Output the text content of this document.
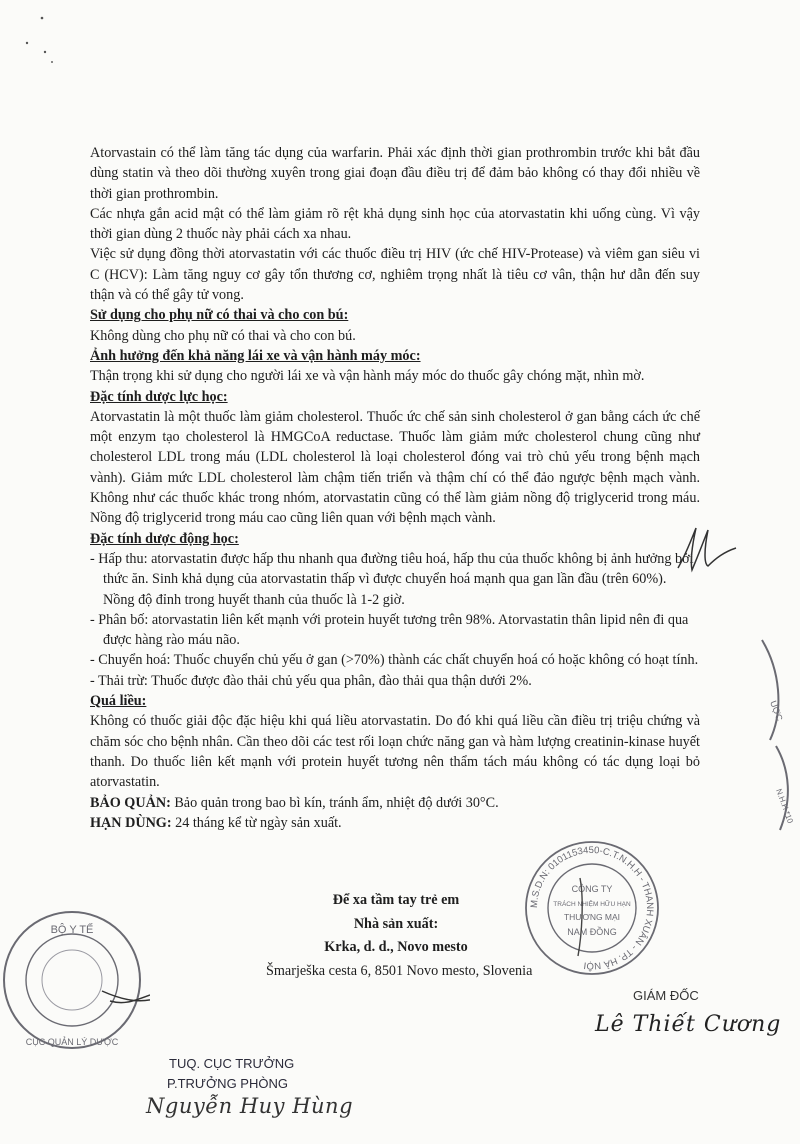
Atorvastain có thể làm tăng tác dụng của warfarin. Phải xác định thời gian prothrombin trước khi bắt đầu dùng statin và theo dõi thường xuyên trong giai đoạn đầu điều trị để đảm bảo không có thay đổi nhiều về thời gian prothrombin.

Các nhựa gắn acid mật có thể làm giảm rõ rệt khả dụng sinh học của atorvastatin khi uống cùng. Vì vậy thời gian dùng 2 thuốc này phải cách xa nhau.

Việc sử dụng đồng thời atorvastatin với các thuốc điều trị HIV (ức chế HIV-Protease) và viêm gan siêu vi C (HCV): Làm tăng nguy cơ gây tổn thương cơ, nghiêm trọng nhất là tiêu cơ vân, thận hư dẫn đến suy thận và có thể gây tử vong.

Sử dụng cho phụ nữ có thai và cho con bú:

Không dùng cho phụ nữ có thai và cho con bú.

Ảnh hưởng đến khả năng lái xe và vận hành máy móc:

Thận trọng khi sử dụng cho người lái xe và vận hành máy móc do thuốc gây chóng mặt, nhìn mờ.

Đặc tính dược lực học:

Atorvastatin là một thuốc làm giảm cholesterol. Thuốc ức chế sản sinh cholesterol ở gan bằng cách ức chế một enzym tạo cholesterol là HMGCoA reductase. Thuốc làm giảm mức cholesterol chung cũng như cholesterol LDL trong máu (LDL cholesterol là loại cholesterol đóng vai trò chủ yếu trong bệnh mạch vành). Giảm mức LDL cholesterol làm chậm tiến triển và thậm chí có thể đảo ngược bệnh mạch vành. Không như các thuốc khác trong nhóm, atorvastatin cũng có thể làm giảm nồng độ triglycerid trong máu. Nồng độ triglycerid trong máu cao cũng liên quan với bệnh mạch vành.

Đặc tính dược động học:

- Hấp thu: atorvastatin được hấp thu nhanh qua đường tiêu hoá, hấp thu của thuốc không bị ảnh hưởng bởi thức ăn. Sinh khả dụng của atorvastatin thấp vì được chuyển hoá mạnh qua gan lần đầu (trên 60%). Nồng độ đỉnh trong huyết thanh của thuốc là 1-2 giờ.

- Phân bố: atorvastatin liên kết mạnh với protein huyết tương trên 98%. Atorvastatin thân lipid nên đi qua được hàng rào máu não.

- Chuyển hoá: Thuốc chuyển chủ yếu ở gan (>70%) thành các chất chuyển hoá có hoặc không có hoạt tính.

- Thải trừ: Thuốc được đào thải chủ yếu qua phân, đào thải qua thận dưới 2%.

Quá liều:

Không có thuốc giải độc đặc hiệu khi quá liều atorvastatin. Do đó khi quá liều cần điều trị triệu chứng và chăm sóc cho bệnh nhân. Cần theo dõi các test rối loạn chức năng gan và hàm lượng creatinin-kinase huyết thanh. Do thuốc liên kết mạnh với protein huyết tương nên thẩm tách máu không có tác dụng loại bỏ atorvastatin.

BẢO QUẢN: Bảo quản trong bao bì kín, tránh ẩm, nhiệt độ dưới 30°C.

HẠN DÙNG: 24 tháng kể từ ngày sản xuất.

Để xa tầm tay trẻ em
Nhà sản xuất:
Krka, d. d., Novo mesto
Šmarješka cesta 6, 8501 Novo mesto, Slovenia
M.S.D.N: 0101153450-C.T.N.H.H - THANH XUÂN - TP. HÀ NỘI
CÔNG TY
TRÁCH NHIỆM HỮU HẠN
THƯƠNG MẠI
NAM ĐỒNG
BỘ Y TẾ
CỤC QUẢN LÝ DƯỢC
UỢC
N.H.H *10
TUQ. CỤC TRƯỞNG
P.TRƯỞNG PHÒNG
Nguyễn Huy Hùng
GIÁM ĐỐC
Lê Thiết Cương
